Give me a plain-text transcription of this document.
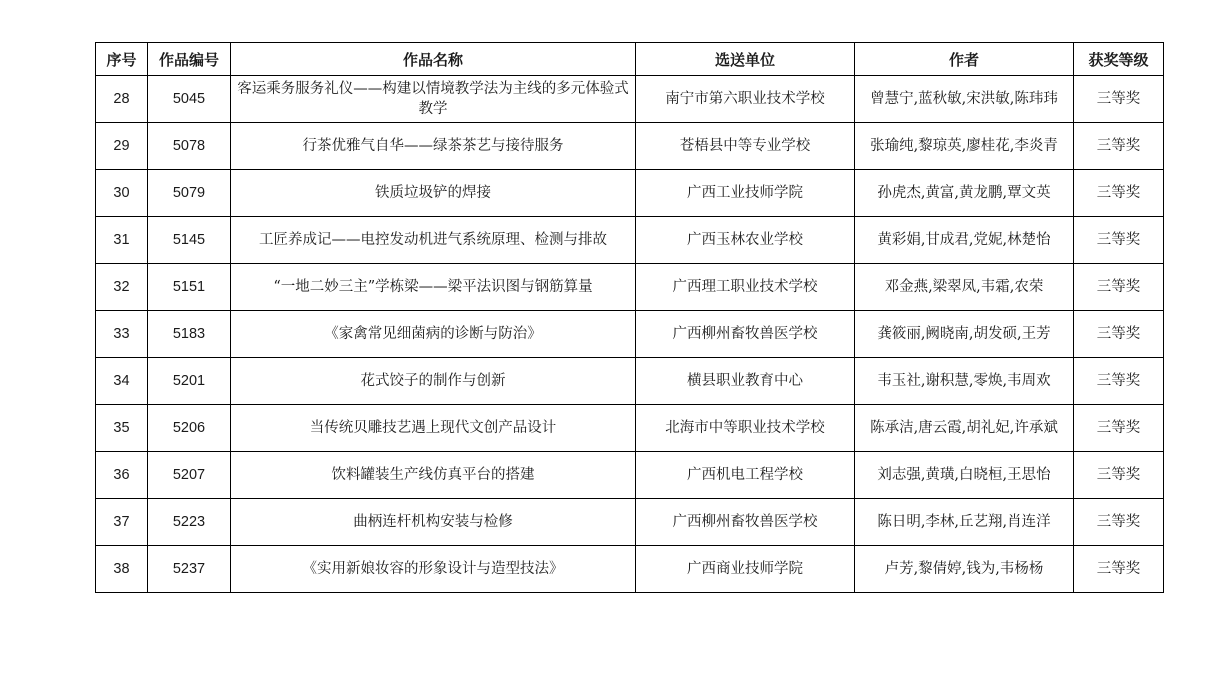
序号	作品编号	作品名称	选送单位	作者	获奖等级
28	5045	客运乘务服务礼仪——构建以情境教学法为主线的多元体验式教学	南宁市第六职业技术学校	曾慧宁,蓝秋敏,宋洪敏,陈玮玮	三等奖
29	5078	行茶优雅气自华——绿茶茶艺与接待服务	苍梧县中等专业学校	张瑜纯,黎琼英,廖桂花,李炎青	三等奖
30	5079	铁质垃圾铲的焊接	广西工业技师学院	孙虎杰,黄富,黄龙鹏,覃文英	三等奖
31	5145	工匠养成记——电控发动机进气系统原理、检测与排故	广西玉林农业学校	黄彩娟,甘成君,党妮,林楚怡	三等奖
32	5151	“一地二妙三主”学栋梁——梁平法识图与钢筋算量	广西理工职业技术学校	邓金燕,梁翠凤,韦霜,农荣	三等奖
33	5183	《家禽常见细菌病的诊断与防治》	广西柳州畜牧兽医学校	龚筱丽,阙晓南,胡发硕,王芳	三等奖
34	5201	花式饺子的制作与创新	横县职业教育中心	韦玉社,谢积慧,零焕,韦周欢	三等奖
35	5206	当传统贝雕技艺遇上现代文创产品设计	北海市中等职业技术学校	陈承洁,唐云霞,胡礼妃,许承斌	三等奖
36	5207	饮料罐装生产线仿真平台的搭建	广西机电工程学校	刘志强,黄璜,白晓桓,王思怡	三等奖
37	5223	曲柄连杆机构安装与检修	广西柳州畜牧兽医学校	陈日明,李林,丘艺翔,肖连洋	三等奖
38	5237	《实用新娘妆容的形象设计与造型技法》	广西商业技师学院	卢芳,黎倩婷,钱为,韦杨杨	三等奖
